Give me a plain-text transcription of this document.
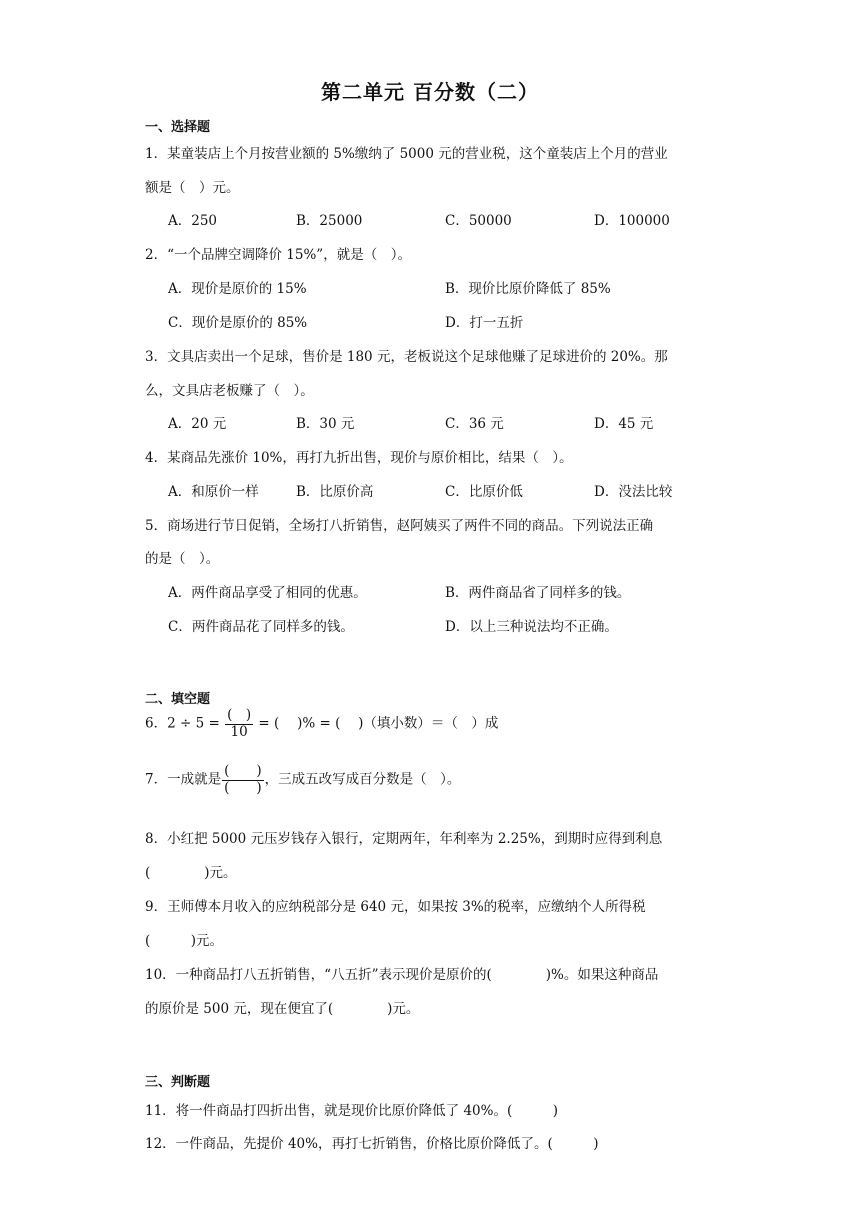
第二单元 百分数（二）
一、选择题
1．某童装店上个月按营业额的 5%缴纳了 5000 元的营业税，这个童装店上个月的营业
额是（　）元。
A．250	B．25000	C．50000	D．100000
2．“一个品牌空调降价 15%”，就是（　）。
A．现价是原价的 15%	B．现价比原价降低了 85%
C．现价是原价的 85%	D．打一五折
3．文具店卖出一个足球，售价是 180 元，老板说这个足球他赚了足球进价的 20%。那
么，文具店老板赚了（　）。
A．20 元	B．30 元	C．36 元	D．45 元
4．某商品先涨价 10%，再打九折出售，现价与原价相比，结果（　）。
A．和原价一样	B．比原价高	C．比原价低	D．没法比较
5．商场进行节日促销，全场打八折销售，赵阿姨买了两件不同的商品。下列说法正确
的是（　）。
A．两件商品享受了相同的优惠。	B．两件商品省了同样多的钱。
C．两件商品花了同样多的钱。	D．以上三种说法均不正确。
二、填空题
6．$2 \div 5 = \frac{( )}{10}$ = (　 )% = (　 )（填小数）＝（　）成
7．一成就是 $\frac{( )}{( )}$ ，三成五改写成百分数是（　）。
8．小红把 5000 元压岁钱存入银行，定期两年，年利率为 2.25%，到期时应得到利息
(　　　　)元。
9．王师傅本月收入的应纳税部分是 640 元，如果按 3%的税率，应缴纳个人所得税
(　　　)元。
10．一种商品打八五折销售，“八五折”表示现价是原价的(　　　　)%。如果这种商品
的原价是 500 元，现在便宜了(　　　　)元。
三、判断题
11．将一件商品打四折出售，就是现价比原价降低了 40%。(　　　)
12．一件商品，先提价 40%，再打七折销售，价格比原价降低了。(　　　)
